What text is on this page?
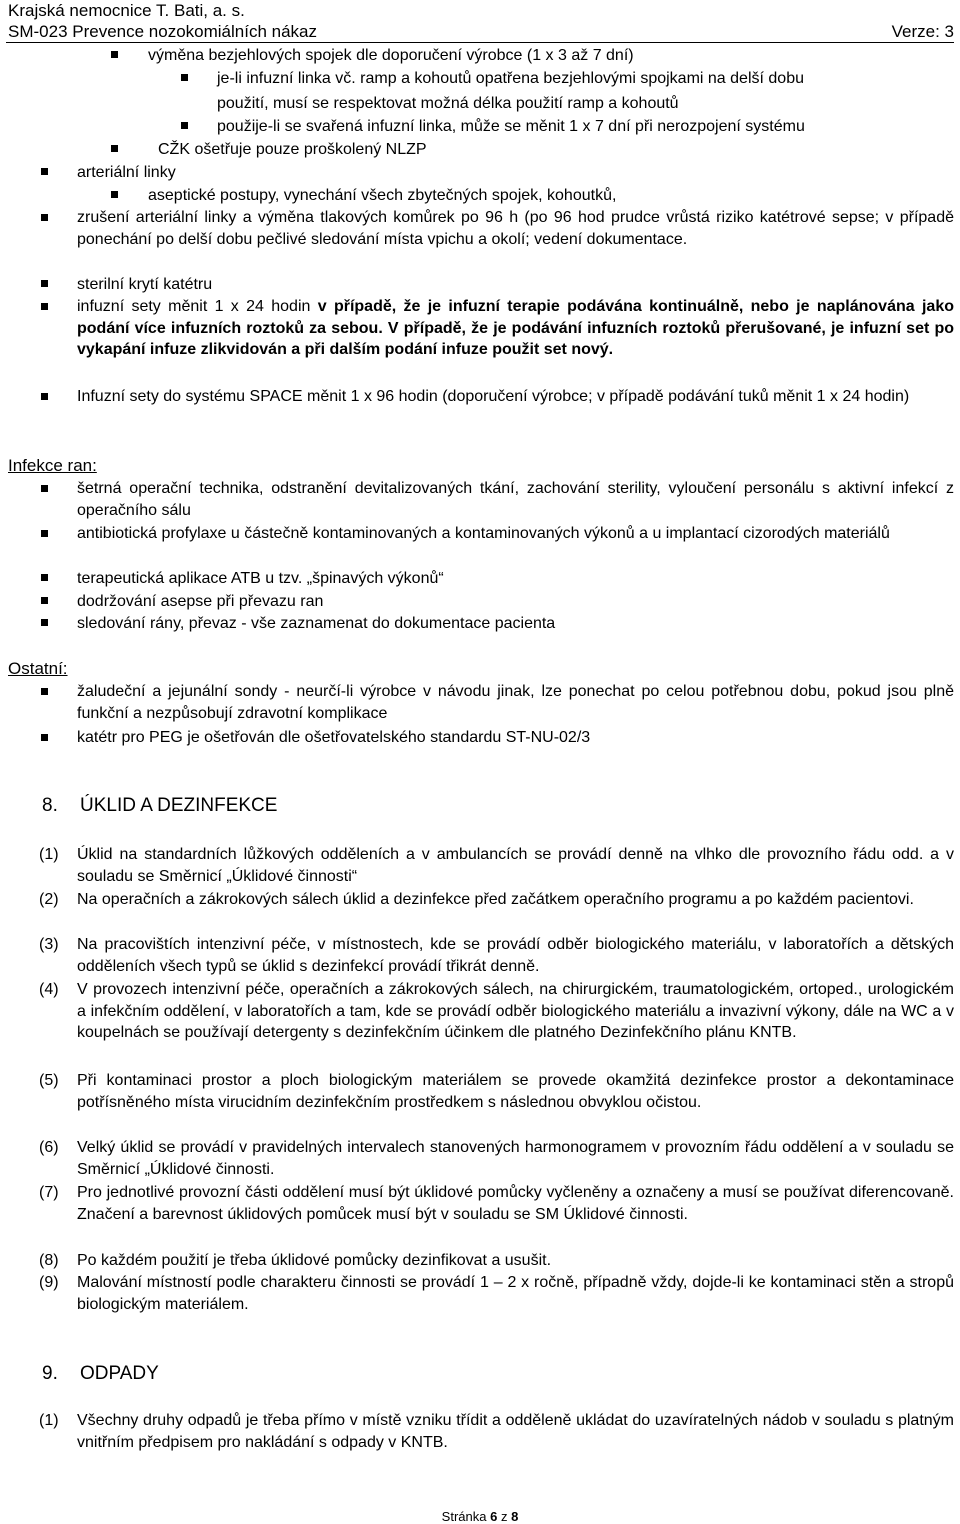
Krajská nemocnice T. Bati, a. s.
SM-023 Prevence nozokomiálních nákaz	Verze: 3
výměna bezjehlových spojek dle doporučení výrobce (1 x 3 až 7 dní)
je-li infuzní linka vč. ramp a kohoutů opatřena bezjehlovými spojkami na delší dobu
použití, musí se respektovat možná délka použití ramp a kohoutů
použije-li se svařená infuzní linka, může se měnit 1 x 7 dní při nerozpojení systému
CŽK ošetřuje pouze proškolený NLZP
arteriální linky
aseptické postupy, vynechání všech zbytečných spojek, kohoutků,
zrušení arteriální linky a výměna tlakových komůrek po 96 h (po 96 hod prudce vrůstá riziko katétrové sepse; v případě ponechání po delší dobu pečlivé sledování místa vpichu a okolí; vedení dokumentace.
sterilní krytí katétru
infuzní sety měnit 1 x 24 hodin v případě, že je infuzní terapie podávána kontinuálně, nebo je naplánována jako podání více infuzních roztoků za sebou. V případě, že je podávání infuzních roztoků přerušované, je infuzní set po vykapání infuze zlikvidován a při dalším podání infuze použit set nový.
Infuzní sety do systému SPACE měnit 1 x 96 hodin (doporučení výrobce; v případě podávání tuků měnit 1 x 24 hodin)
Infekce ran:
šetrná operační technika, odstranění devitalizovaných tkání, zachování sterility, vyloučení personálu s aktivní infekcí z operačního sálu
antibiotická profylaxe u částečně kontaminovaných a kontaminovaných výkonů a u implantací cizorodých materiálů
terapeutická aplikace ATB u tzv. „špinavých výkonů“
dodržování asepse při převazu ran
sledování rány, převaz - vše zaznamenat do dokumentace pacienta
Ostatní:
žaludeční a jejunální sondy - neurčí-li výrobce v návodu jinak, lze ponechat po celou potřebnou dobu, pokud jsou plně funkční a nezpůsobují zdravotní komplikace
katétr pro PEG je ošetřován dle ošetřovatelského standardu ST-NU-02/3
8. ÚKLID A DEZINFEKCE
(1) Úklid na standardních lůžkových odděleních a v ambulancích se provádí denně na vlhko dle provozního řádu odd. a v souladu se Směrnicí „Úklidové činnosti“
(2) Na operačních a zákrokových sálech úklid a dezinfekce před začátkem operačního programu a po každém pacientovi.
(3) Na pracovištích intenzivní péče, v místnostech, kde se provádí odběr biologického materiálu, v laboratořích a dětských odděleních všech typů se úklid s dezinfekcí provádí třikrát denně.
(4) V provozech intenzivní péče, operačních a zákrokových sálech, na chirurgickém, traumatologickém, ortoped., urologickém a infekčním oddělení, v laboratořích a tam, kde se provádí odběr biologického materiálu a invazivní výkony, dále na WC a v koupelnách se používají detergenty s dezinfekčním účinkem dle platného Dezinfekčního plánu KNTB.
(5) Při kontaminaci prostor a ploch biologickým materiálem se provede okamžitá dezinfekce prostor a dekontaminace potřísněného místa virucidním dezinfekčním prostředkem s následnou obvyklou očistou.
(6) Velký úklid se provádí v pravidelných intervalech stanovených harmonogramem v provozním řádu oddělení a v souladu se Směrnicí „Úklidové činnosti.
(7) Pro jednotlivé provozní části oddělení musí být úklidové pomůcky vyčleněny a označeny a musí se používat diferencovaně. Značení a barevnost úklidových pomůcek musí být v souladu se SM Úklidové činnosti.
(8) Po každém použití je třeba úklidové pomůcky dezinfikovat a usušit.
(9) Malování místností podle charakteru činnosti se provádí 1 – 2 x ročně, případně vždy, dojde-li ke kontaminaci stěn a stropů biologickým materiálem.
9. ODPADY
(1) Všechny druhy odpadů je třeba přímo v místě vzniku třídit a odděleně ukládat do uzavíratelných nádob v souladu s platným vnitřním předpisem pro nakládání s odpady v KNTB.
Stránka 6 z 8
